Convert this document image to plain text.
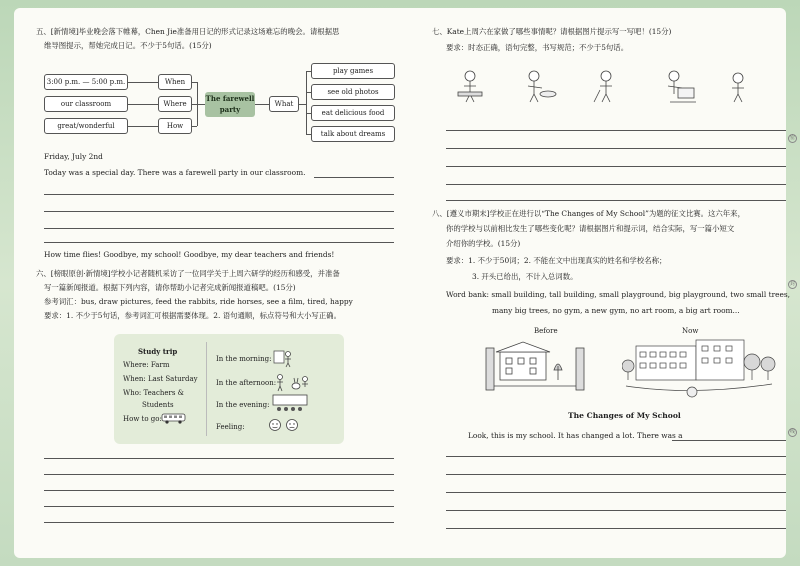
五、[新情境]毕业晚会落下帷幕，Chen Jie准备用日记的形式记录这场难忘的晚会。请根据思
维导图提示，帮她完成日记。不少于5句话。(15分)
3:00 p.m. — 5:00 p.m.
our classroom
great/wonderful
When
Where
How
The farewell party
What
play games
see old photos
eat delicious food
talk about dreams
Friday, July 2nd
Today was a special day. There was a farewell party in our classroom.
How time flies! Goodbye, my school! Goodbye, my dear teachers and friends!
六、[榜眼原创·新情境]学校小记者随机采访了一位同学关于上周六研学的经历和感受，并准备
写一篇新闻报道。根据下列内容，请你帮助小记者完成新闻报道稿吧。(15分)
参考词汇：bus, draw pictures, feed the rabbits, ride horses, see a film, tired, happy
要求：1. 不少于5句话，参考词汇可根据需要体现。2. 语句通顺，标点符号和大小写正确。
Study trip
Where: Farm
When: Last Saturday
Who: Teachers &
Students
How to go:
In the morning:
In the afternoon:
In the evening:
Feeling:
七、Kate上周六在家做了哪些事情呢？请根据图片提示写一写吧！(15分)
要求：时态正确，语句完整，书写规范；不少于5句话。
八、[遵义市期末]学校正在进行以“The Changes of My School”为题的征文比赛。这六年来，
你的学校与以前相比发生了哪些变化呢？请根据图片和提示词，结合实际，写一篇小短文
介绍你的学校。(15分)
要求：1. 不少于50词；2. 不能在文中出现真实的姓名和学校名称；
3. 开头已给出，不计入总词数。
Word bank: small building, tall building, small playground, big playground, two small trees,
many big trees, no gym, a new gym, no art room, a big art room...
Before	Now
The Changes of My School
Look, this is my school. It has changed a lot. There was a
密
封
线
